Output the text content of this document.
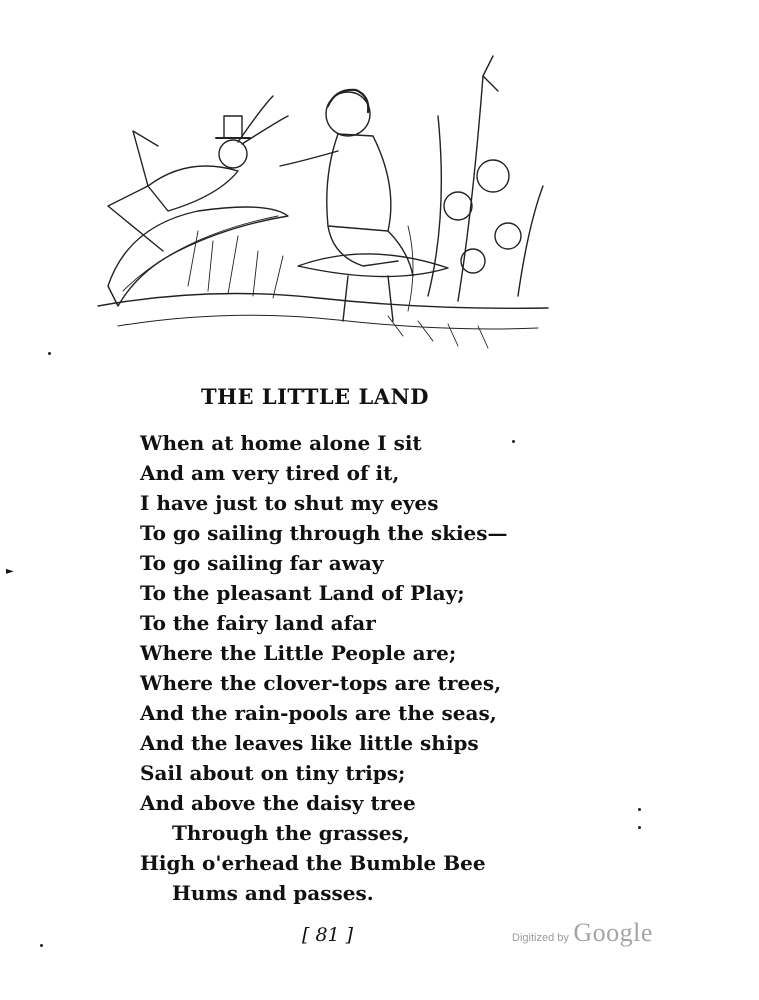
THE LITTLE LAND
When at home alone I sit
And am very tired of it,
I have just to shut my eyes
To go sailing through the skies—
To go sailing far away
To the pleasant Land of Play;
To the fairy land afar
Where the Little People are;
Where the clover-tops are trees,
And the rain-pools are the seas,
And the leaves like little ships
Sail about on tiny trips;
And above the daisy tree
Through the grasses,
High o'erhead the Bumble Bee
Hums and passes.
[ 81 ]	Digitized by Google
►
